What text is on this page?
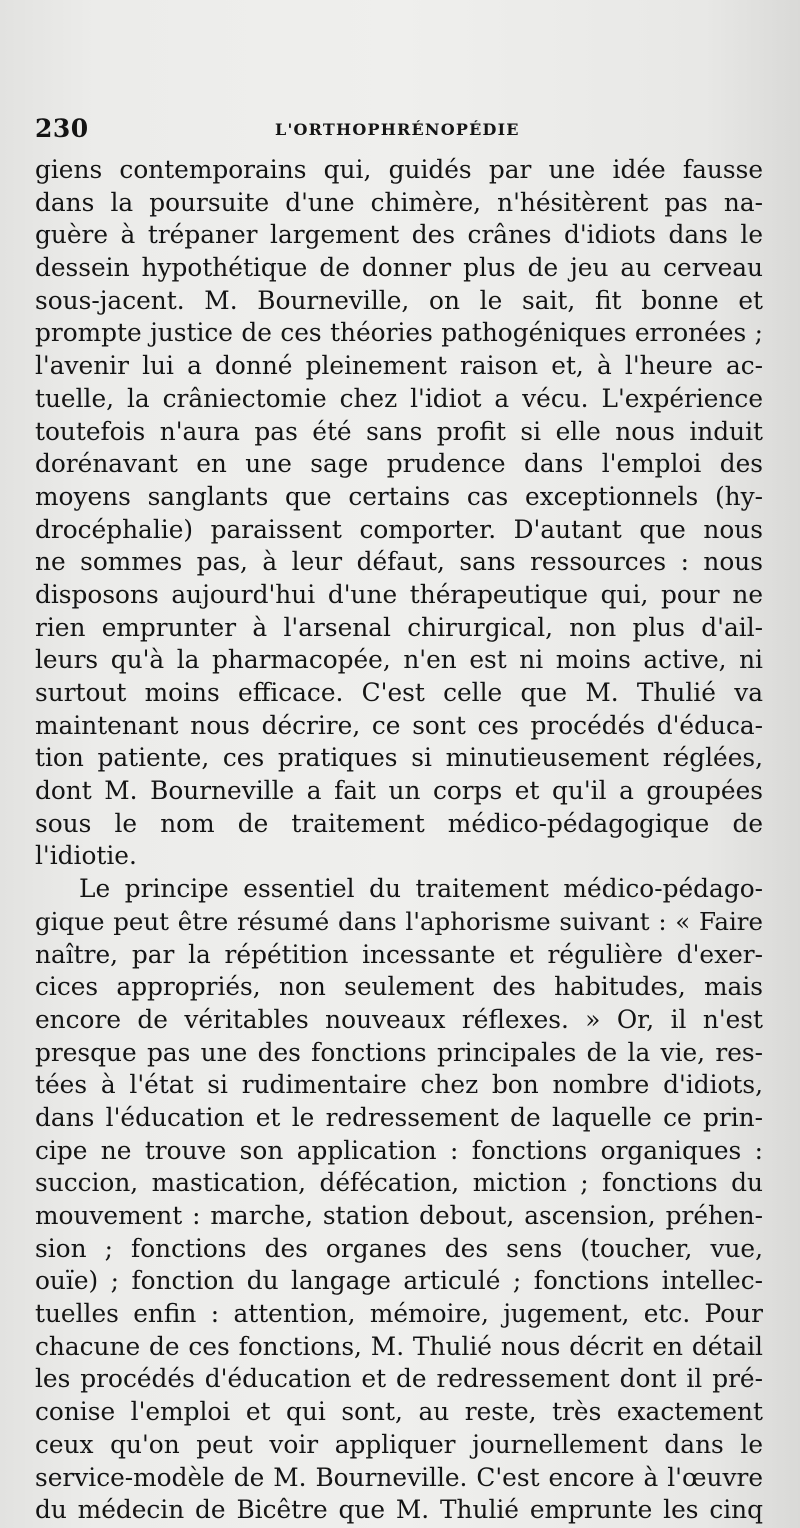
230	L'ORTHOPHRÉNOPÉDIE
giens contemporains qui, guidés par une idée fausse
dans la poursuite d'une chimère, n'hésitèrent pas na-
guère à trépaner largement des crânes d'idiots dans le
dessein hypothétique de donner plus de jeu au cerveau
sous-jacent. M. Bourneville, on le sait, fit bonne et
prompte justice de ces théories pathogéniques erronées ;
l'avenir lui a donné pleinement raison et, à l'heure ac-
tuelle, la crâniectomie chez l'idiot a vécu. L'expérience
toutefois n'aura pas été sans profit si elle nous induit
dorénavant en une sage prudence dans l'emploi des
moyens sanglants que certains cas exceptionnels (hy-
drocéphalie) paraissent comporter. D'autant que nous
ne sommes pas, à leur défaut, sans ressources : nous
disposons aujourd'hui d'une thérapeutique qui, pour ne
rien emprunter à l'arsenal chirurgical, non plus d'ail-
leurs qu'à la pharmacopée, n'en est ni moins active, ni
surtout moins efficace. C'est celle que M. Thulié va
maintenant nous décrire, ce sont ces procédés d'éduca-
tion patiente, ces pratiques si minutieusement réglées,
dont M. Bourneville a fait un corps et qu'il a groupées
sous le nom de traitement médico-pédagogique de
l'idiotie.
Le principe essentiel du traitement médico-pédago-
gique peut être résumé dans l'aphorisme suivant : « Faire
naître, par la répétition incessante et régulière d'exer-
cices appropriés, non seulement des habitudes, mais
encore de véritables nouveaux réflexes. » Or, il n'est
presque pas une des fonctions principales de la vie, res-
tées à l'état si rudimentaire chez bon nombre d'idiots,
dans l'éducation et le redressement de laquelle ce prin-
cipe ne trouve son application : fonctions organiques :
succion, mastication, défécation, miction ; fonctions du
mouvement : marche, station debout, ascension, préhen-
sion ; fonctions des organes des sens (toucher, vue,
ouïe) ; fonction du langage articulé ; fonctions intellec-
tuelles enfin : attention, mémoire, jugement, etc. Pour
chacune de ces fonctions, M. Thulié nous décrit en détail
les procédés d'éducation et de redressement dont il pré-
conise l'emploi et qui sont, au reste, très exactement
ceux qu'on peut voir appliquer journellement dans le
service-modèle de M. Bourneville. C'est encore à l'œuvre
du médecin de Bicêtre que M. Thulié emprunte les cinq
